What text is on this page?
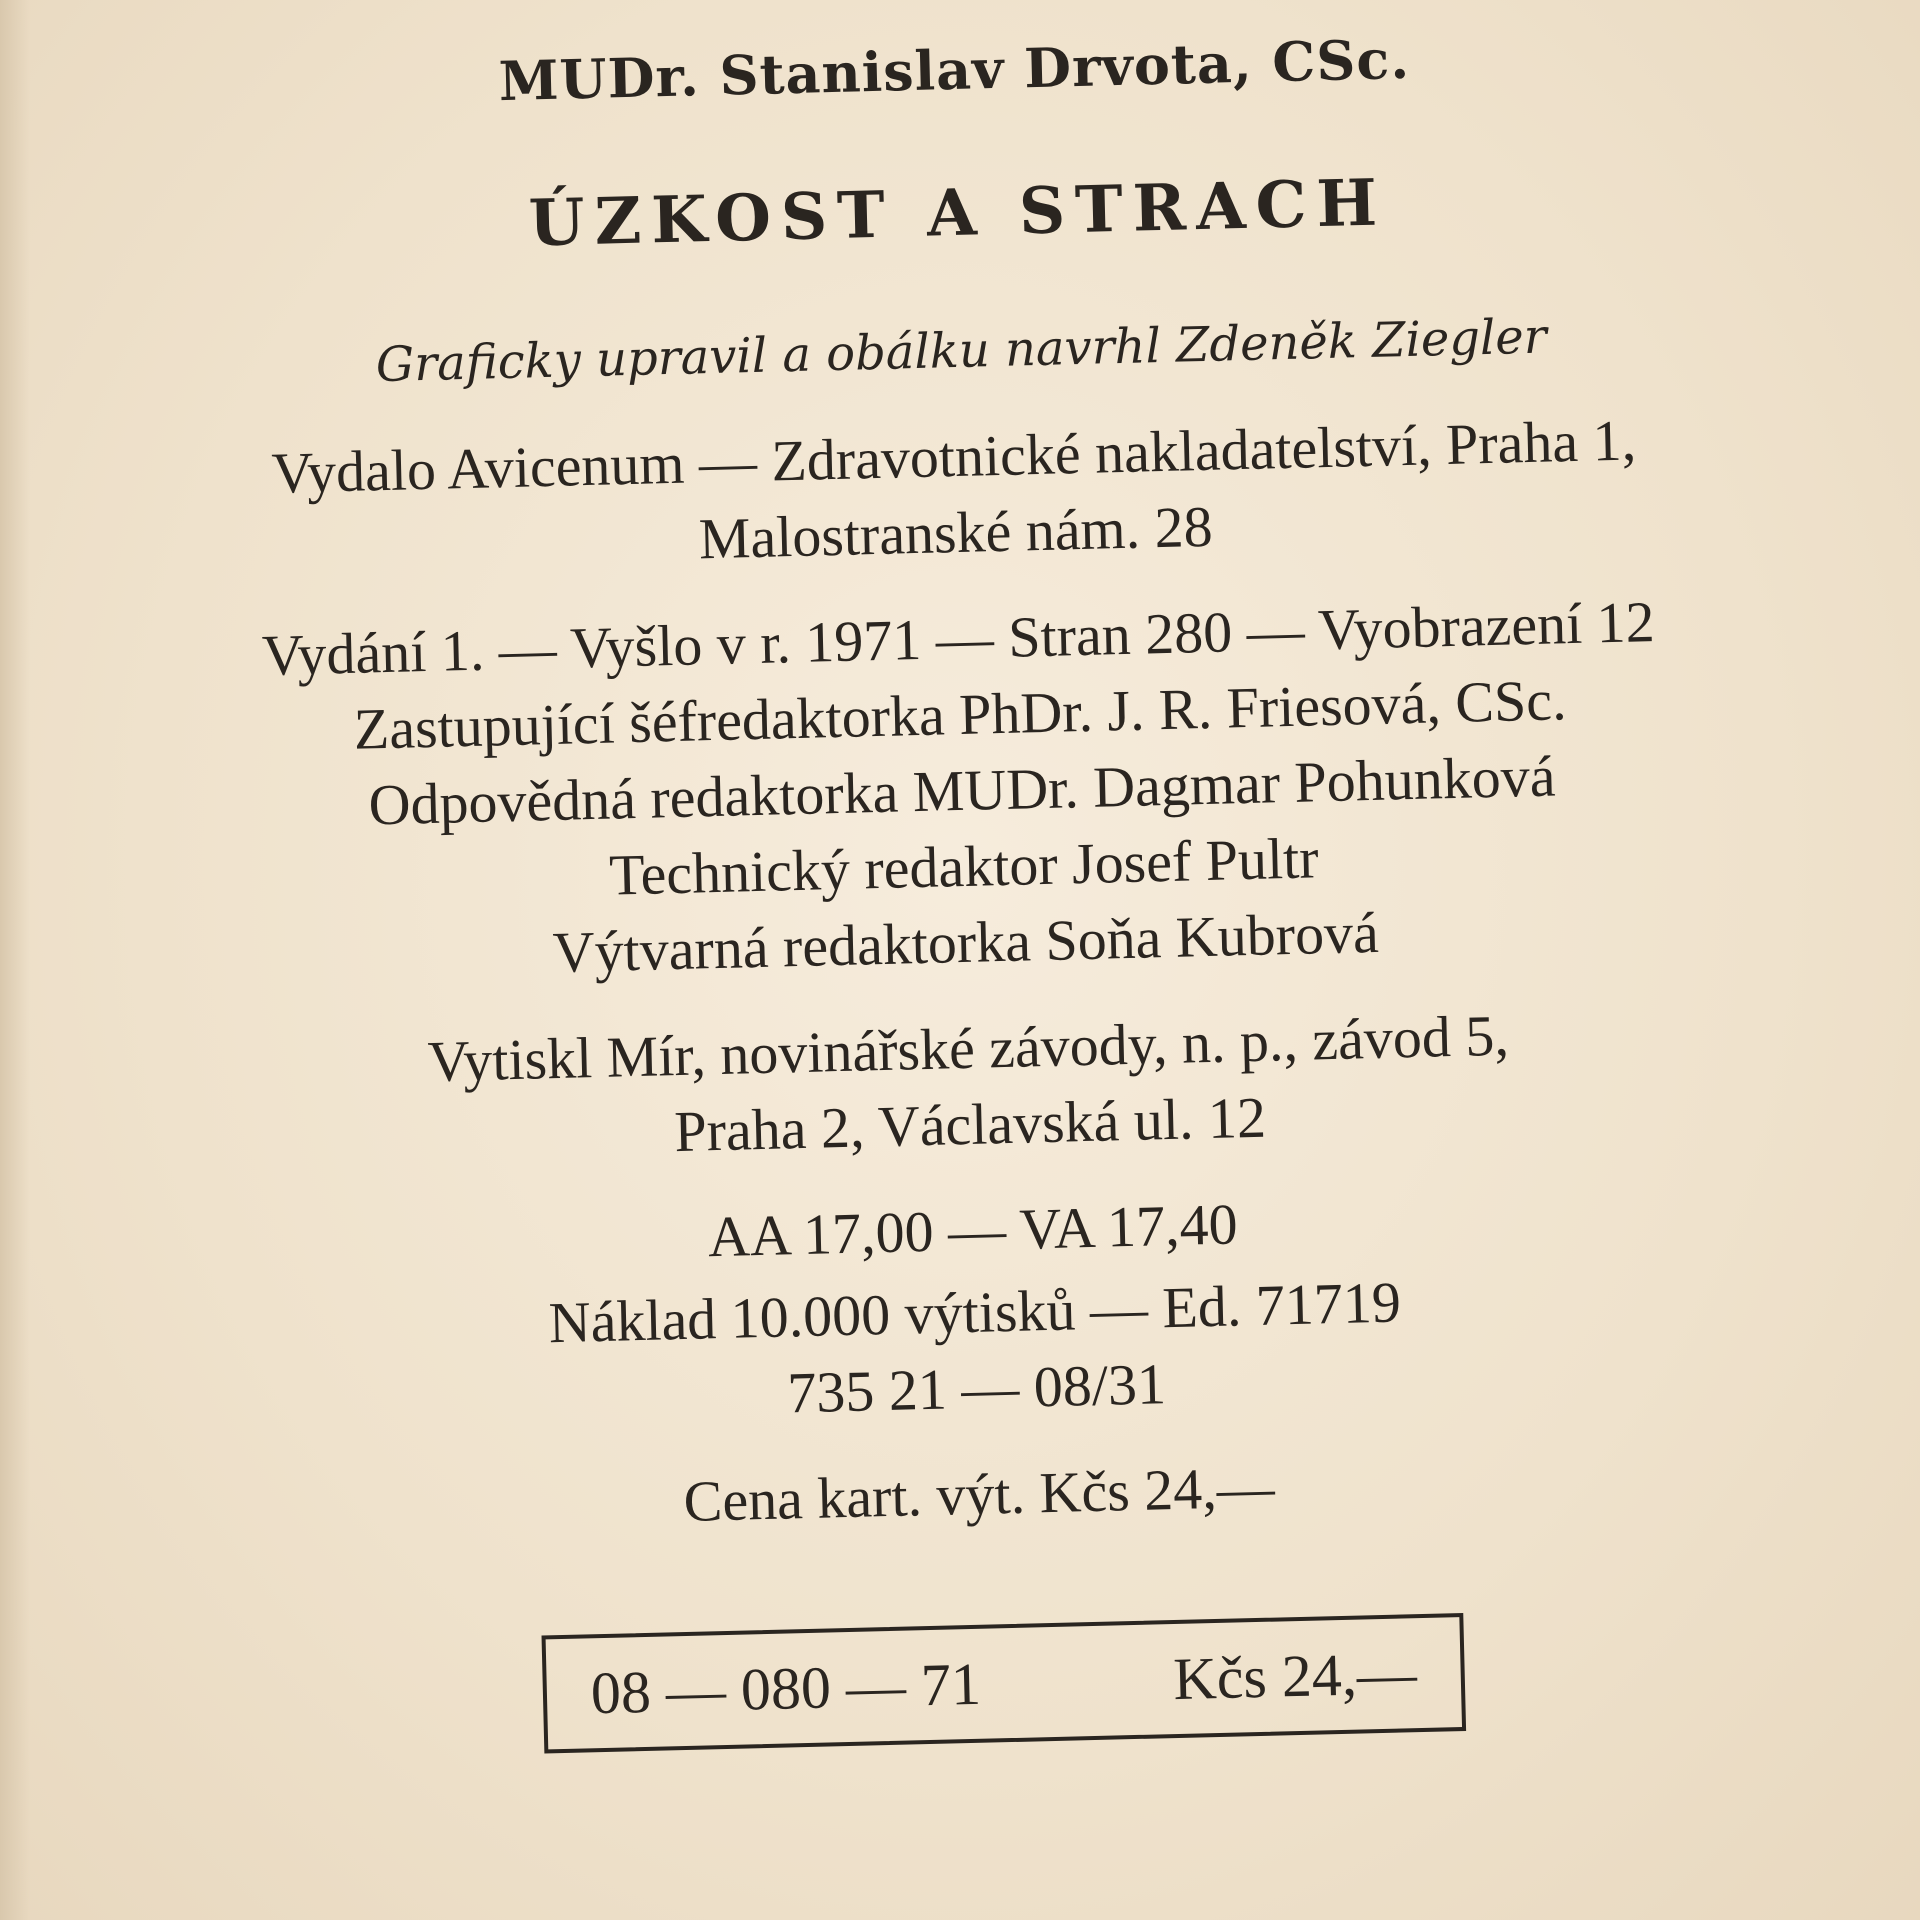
MUDr. Stanislav Drvota, CSc.
ÚZKOST A STRACH
Graficky upravil a obálku navrhl Zdeněk Ziegler
Vydalo Avicenum — Zdravotnické nakladatelství, Praha 1,
Malostranské nám. 28
Vydání 1. — Vyšlo v r. 1971 — Stran 280 — Vyobrazení 12
Zastupující šéfredaktorka PhDr. J. R. Friesová, CSc.
Odpovědná redaktorka MUDr. Dagmar Pohunková
Technický redaktor Josef Pultr
Výtvarná redaktorka Soňa Kubrová
Vytiskl Mír, novinářské závody, n. p., závod 5,
Praha 2, Václavská ul. 12
AA 17,00 — VA 17,40
Náklad 10.000 výtisků — Ed. 71719
735 21 — 08/31
Cena kart. výt. Kčs 24,—
08 — 080 — 71	Kčs 24,—
